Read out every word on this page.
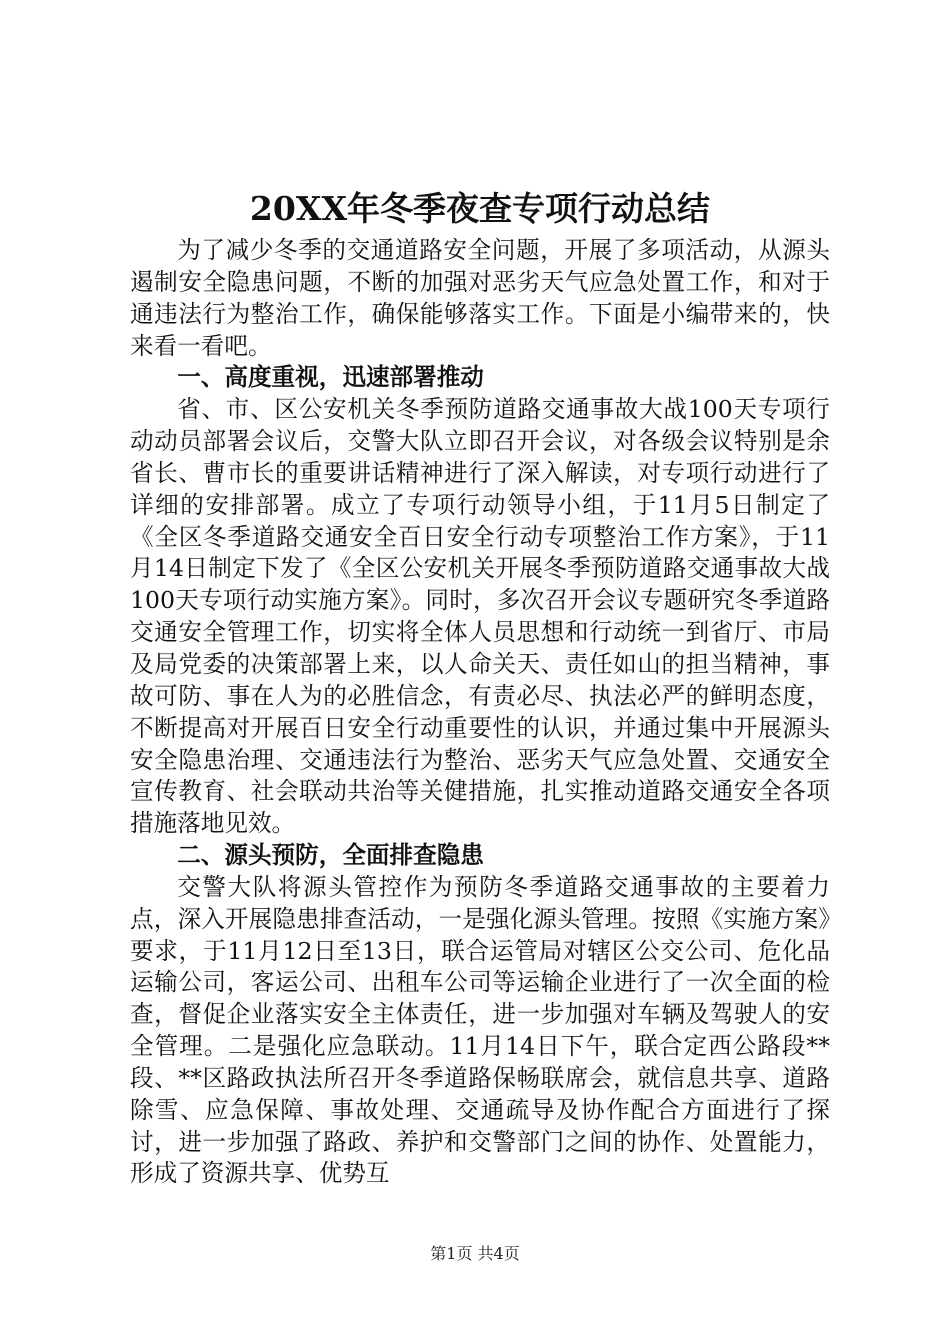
20XX年冬季夜查专项行动总结

为了减少冬季的交通道路安全问题，开展了多项活动，从源头遏制安全隐患问题，不断的加强对恶劣天气应急处置工作，和对于通违法行为整治工作，确保能够落实工作。下面是小编带来的，快来看一看吧。

一、高度重视，迅速部署推动

省、市、区公安机关冬季预防道路交通事故大战100天专项行动动员部署会议后，交警大队立即召开会议，对各级会议特别是余省长、曹市长的重要讲话精神进行了深入解读，对专项行动进行了详细的安排部署。成立了专项行动领导小组，于11月5日制定了《全区冬季道路交通安全百日安全行动专项整治工作方案》，于11月14日制定下发了《全区公安机关开展冬季预防道路交通事故大战100天专项行动实施方案》。同时，多次召开会议专题研究冬季道路交通安全管理工作，切实将全体人员思想和行动统一到省厅、市局及局党委的决策部署上来，以人命关天、责任如山的担当精神，事故可防、事在人为的必胜信念，有责必尽、执法必严的鲜明态度，不断提高对开展百日安全行动重要性的认识，并通过集中开展源头安全隐患治理、交通违法行为整治、恶劣天气应急处置、交通安全宣传教育、社会联动共治等关健措施，扎实推动道路交通安全各项措施落地见效。

二、源头预防，全面排查隐患

交警大队将源头管控作为预防冬季道路交通事故的主要着力点，深入开展隐患排查活动，一是强化源头管理。按照《实施方案》要求，于11月12日至13日，联合运管局对辖区公交公司、危化品运输公司，客运公司、出租车公司等运输企业进行了一次全面的检查，督促企业落实安全主体责任，进一步加强对车辆及驾驶人的安全管理。二是强化应急联动。11月14日下午，联合定西公路段**段、**区路政执法所召开冬季道路保畅联席会，就信息共享、道路除雪、应急保障、事故处理、交通疏导及协作配合方面进行了探讨，进一步加强了路政、养护和交警部门之间的协作、处置能力，形成了资源共享、优势互

第1页 共4页
